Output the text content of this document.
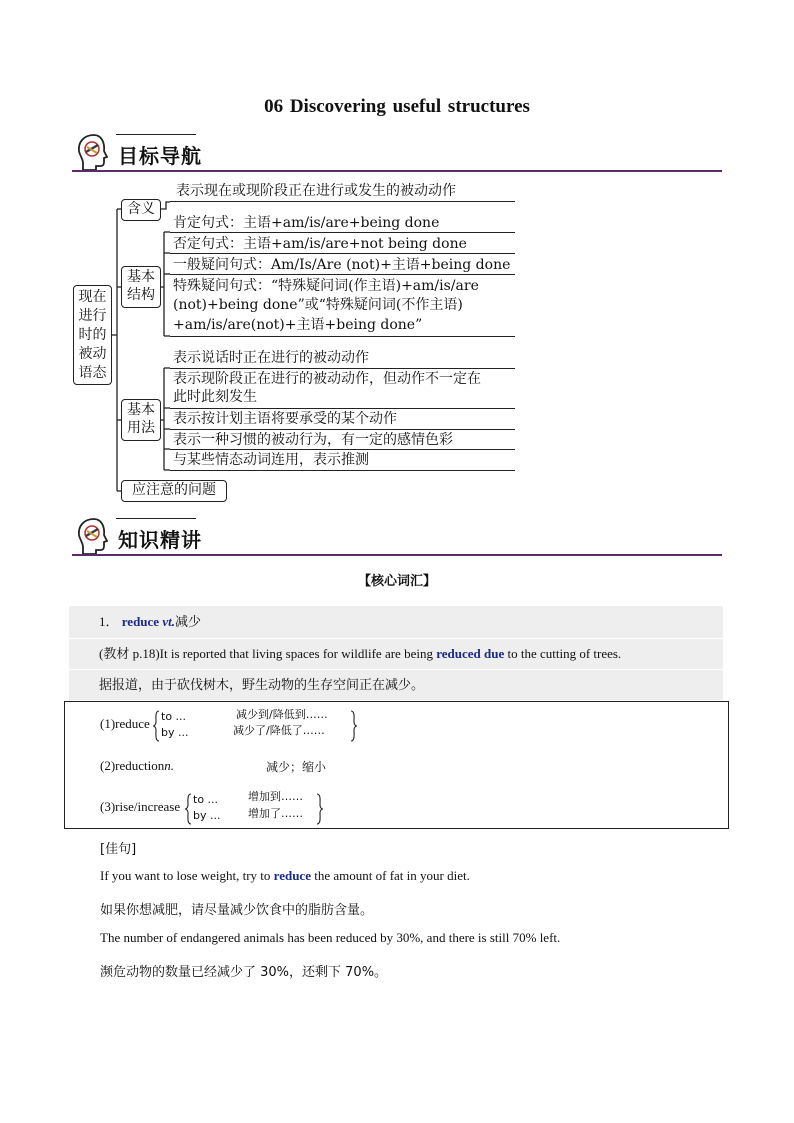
06 Discovering useful structures
目标导航
现在进行时的被动语态
含义
基本结构
基本用法
应注意的问题
表示现在或现阶段正在进行或发生的被动动作
肯定句式：主语+am/is/are+being done
否定句式：主语+am/is/are+not being done
一般疑问句式：Am/Is/Are (not)+主语+being done
特殊疑问句式：“特殊疑问词(作主语)+am/is/are
(not)+being done”或“特殊疑问词(不作主语)
+am/is/are(not)+主语+being done”
表示说话时正在进行的被动动作
表示现阶段正在进行的被动动作，但动作不一定在
此时此刻发生
表示按计划主语将要承受的某个动作
表示一种习惯的被动行为，有一定的感情色彩
与某些情态动词连用，表示推测
知识精讲
【核心词汇】
1． reduce vt.减少
(教材 p.18)It is reported that living spaces for wildlife are being reduced due to the cutting of trees.
据报道，由于砍伐树木，野生动物的生存空间正在减少。
(1)reduce to ...
by ...
减少到/降低到……
减少了/降低了……
(2)reductionn.	减少；缩小
(3)rise/increase to ...
by ...
增加到……
增加了……
[佳句]
If you want to lose weight, try to reduce the amount of fat in your diet.
如果你想减肥，请尽量减少饮食中的脂肪含量。
The number of endangered animals has been reduced by 30%, and there is still 70% left.
濒危动物的数量已经减少了 30%，还剩下 70%。
